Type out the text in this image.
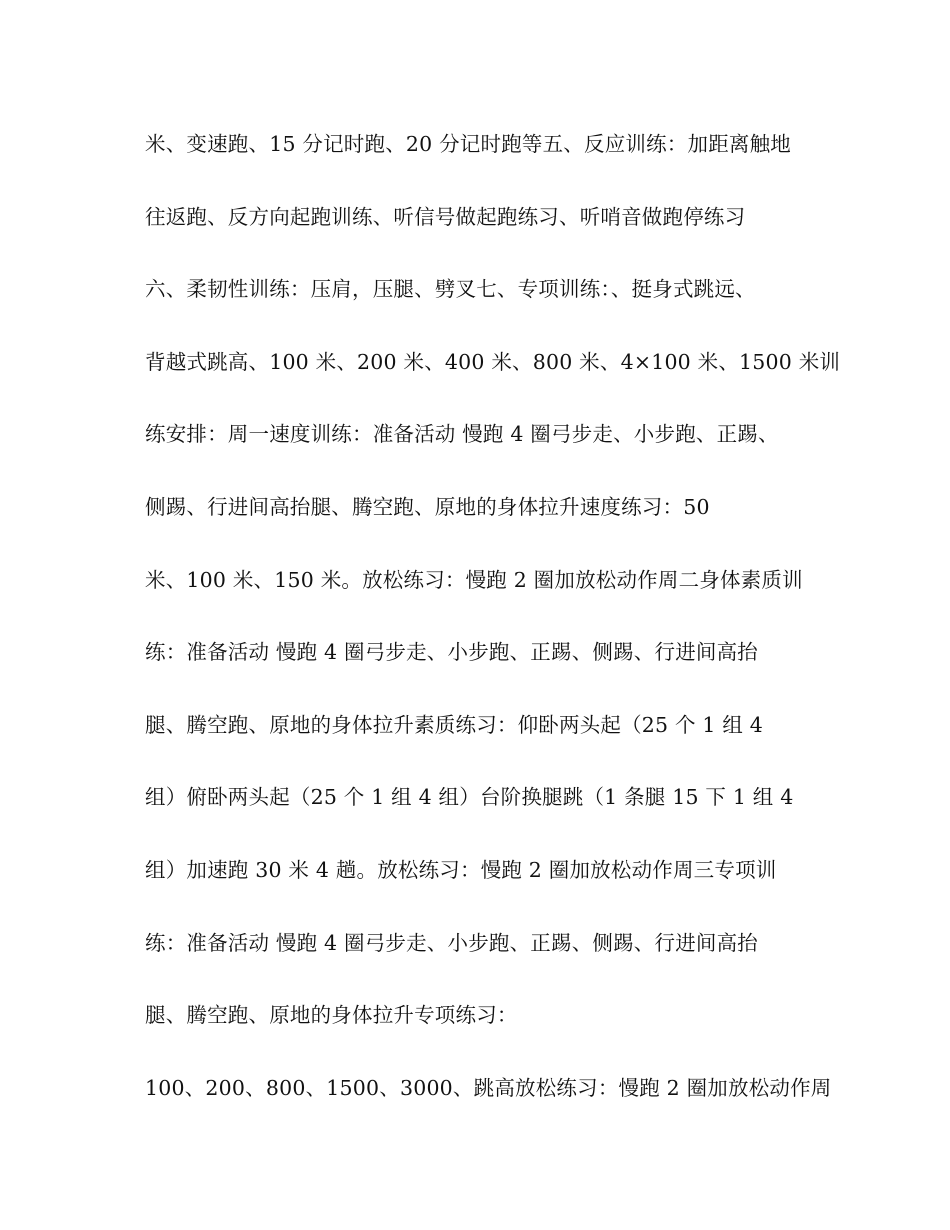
米、变速跑、15 分记时跑、20 分记时跑等五、反应训练：加距离触地
往返跑、反方向起跑训练、听信号做起跑练习、听哨音做跑停练习
六、柔韧性训练：压肩，压腿、劈叉七、专项训练：、挺身式跳远、
背越式跳高、100 米、200 米、400 米、800 米、4×100 米、1500 米训
练安排：周一速度训练：准备活动 慢跑 4 圈弓步走、小步跑、正踢、
侧踢、行进间高抬腿、腾空跑、原地的身体拉升速度练习：50
米、100 米、150 米。放松练习：慢跑 2 圈加放松动作周二身体素质训
练：准备活动 慢跑 4 圈弓步走、小步跑、正踢、侧踢、行进间高抬
腿、腾空跑、原地的身体拉升素质练习：仰卧两头起（25 个 1 组 4
组）俯卧两头起（25 个 1 组 4 组）台阶换腿跳（1 条腿 15 下 1 组 4
组）加速跑 30 米 4 趟。放松练习：慢跑 2 圈加放松动作周三专项训
练：准备活动 慢跑 4 圈弓步走、小步跑、正踢、侧踢、行进间高抬
腿、腾空跑、原地的身体拉升专项练习：
100、200、800、1500、3000、跳高放松练习：慢跑 2 圈加放松动作周
